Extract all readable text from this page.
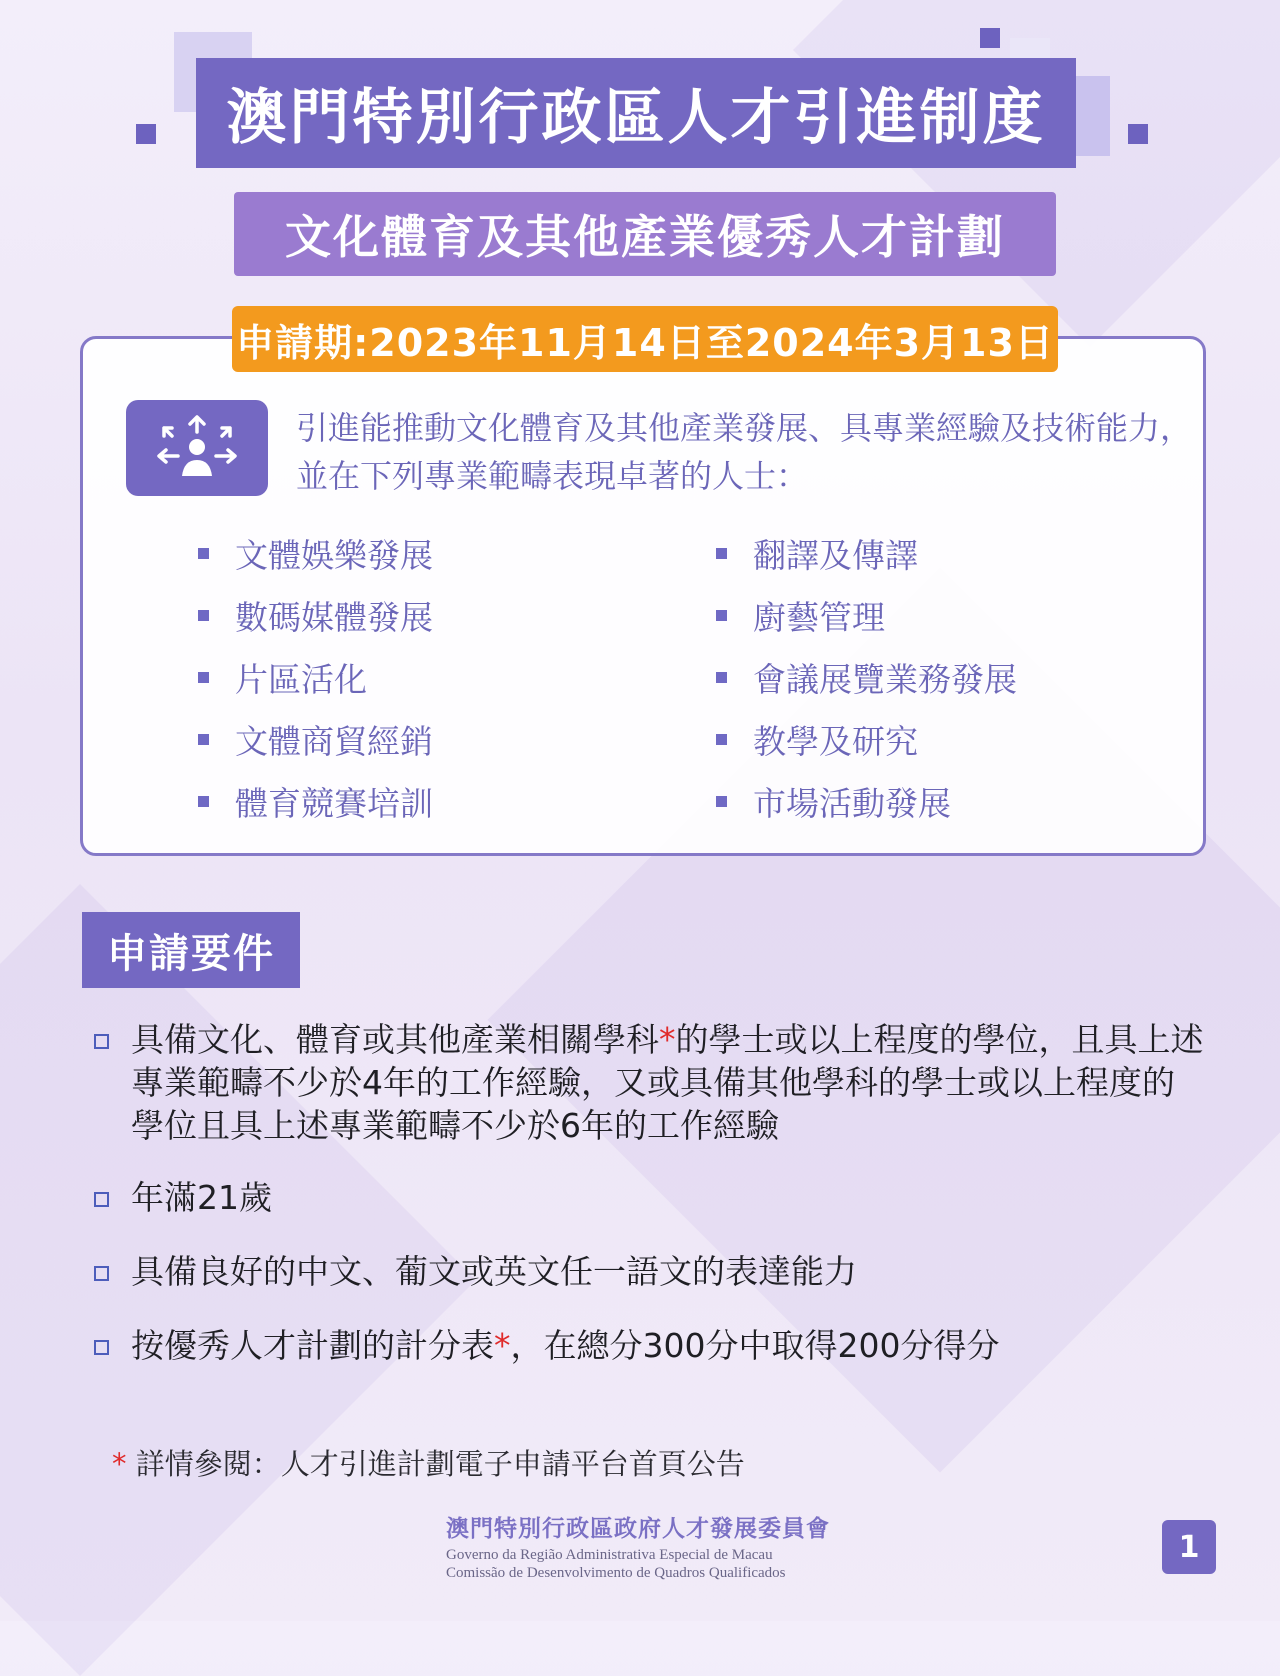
澳門特別行政區人才引進制度
文化體育及其他產業優秀人才計劃
申請期:2023年11月14日至2024年3月13日
引進能推動文化體育及其他產業發展、具專業經驗及技術能力，並在下列專業範疇表現卓著的人士：
文體娛樂發展
數碼媒體發展
片區活化
文體商貿經銷
體育競賽培訓
翻譯及傳譯
廚藝管理
會議展覽業務發展
教學及研究
市場活動發展
申請要件
具備文化、體育或其他產業相關學科*的學士或以上程度的學位，且具上述專業範疇不少於4年的工作經驗，又或具備其他學科的學士或以上程度的學位且具上述專業範疇不少於6年的工作經驗
年滿21歲
具備良好的中文、葡文或英文任一語文的表達能力
按優秀人才計劃的計分表*，在總分300分中取得200分得分
* 詳情參閱：人才引進計劃電子申請平台首頁公告
澳門特別行政區政府人才發展委員會
Governo da Região Administrativa Especial de Macau
Comissão de Desenvolvimento de Quadros Qualificados
1
